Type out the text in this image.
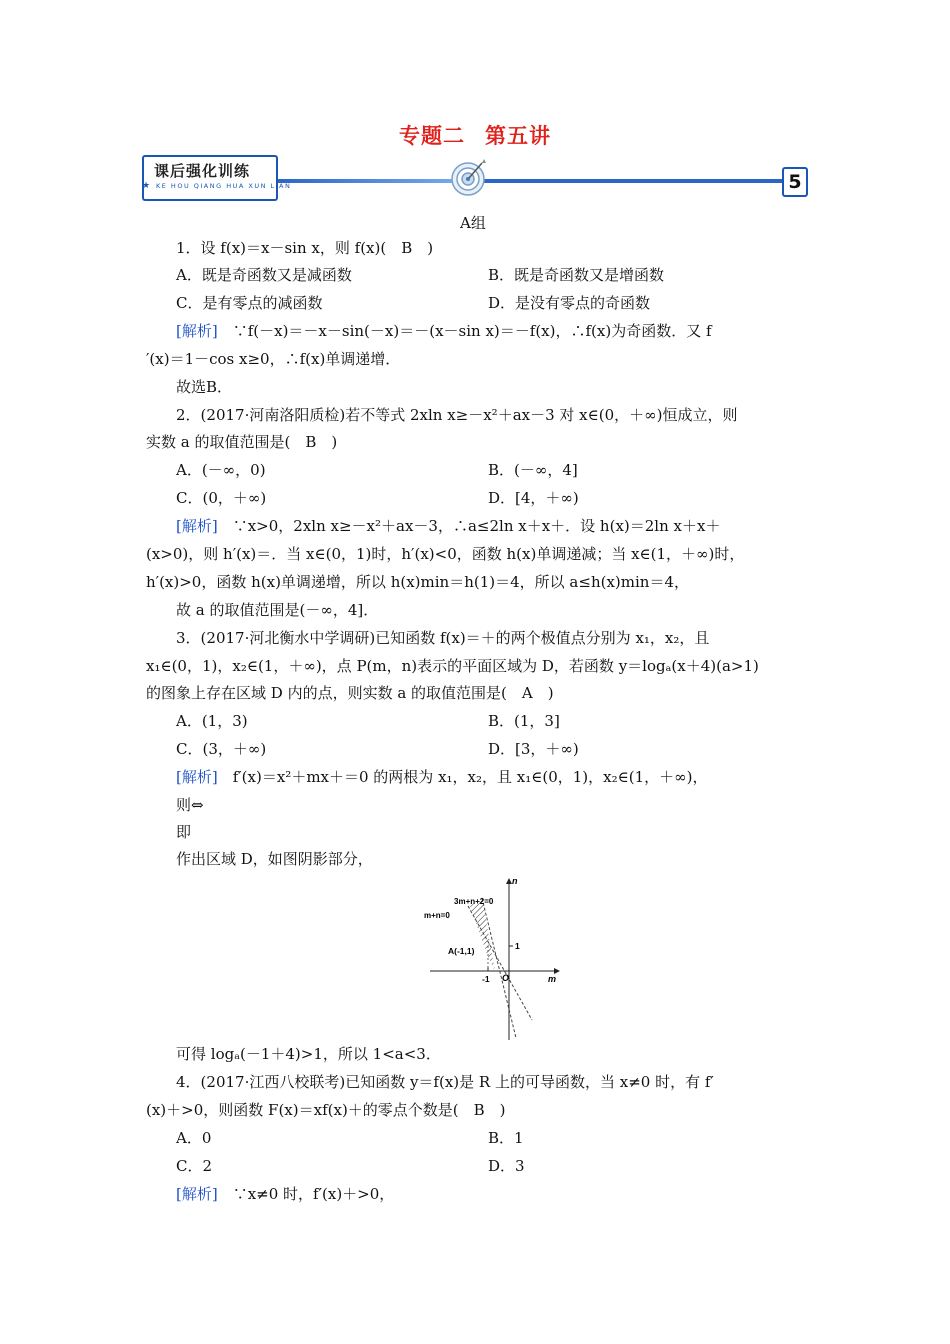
专题二 第五讲
★
课后强化训练
KE HOU QIANG HUA XUN LIAN	5
A组
1．设 f(x)＝x－sin x，则 f(x)(　B　)
A．既是奇函数又是减函数	B．既是奇函数又是增函数
C．是有零点的减函数	D．是没有零点的奇函数
[解析]　∵f(－x)＝－x－sin(－x)＝－(x－sin x)＝－f(x)，∴f(x)为奇函数．又 f
′(x)＝1－cos x≥0，∴f(x)单调递增．
故选B．
2．(2017·河南洛阳质检)若不等式 2xln x≥－x²＋ax－3 对 x∈(0，＋∞)恒成立，则
实数 a 的取值范围是(　B　)
A．(－∞，0)	B．(－∞，4]
C．(0，＋∞)	D．[4，＋∞)
[解析]　∵x>0，2xln x≥－x²＋ax－3，∴a≤2ln x＋x＋．设 h(x)＝2ln x＋x＋
(x>0)，则 h′(x)＝．当 x∈(0，1)时，h′(x)<0，函数 h(x)单调递减；当 x∈(1，＋∞)时，
h′(x)>0，函数 h(x)单调递增，所以 h(x)min＝h(1)＝4，所以 a≤h(x)min＝4，
故 a 的取值范围是(－∞，4]．
3．(2017·河北衡水中学调研)已知函数 f(x)＝＋的两个极值点分别为 x₁，x₂，且
x₁∈(0，1)，x₂∈(1，＋∞)，点 P(m，n)表示的平面区域为 D，若函数 y＝logₐ(x＋4)(a>1)
的图象上存在区域 D 内的点，则实数 a 的取值范围是(　A　)
A．(1，3)	B．(1，3]
C．(3，＋∞)	D．[3，＋∞)
[解析]　f′(x)＝x²＋mx＋＝0 的两根为 x₁，x₂，且 x₁∈(0，1)，x₂∈(1，＋∞)，
则⇔
即
作出区域 D，如图阴影部分，
n
m
3m+n+2=0
m+n=0
A(-1,1)	1
-1 O
可得 logₐ(－1＋4)>1，所以 1<a<3．
4．(2017·江西八校联考)已知函数 y＝f(x)是 R 上的可导函数，当 x≠0 时，有 f′
(x)＋>0，则函数 F(x)＝xf(x)＋的零点个数是(　B　)
A．0	B．1
C．2	D．3
[解析]　∵x≠0 时，f′(x)＋>0，
